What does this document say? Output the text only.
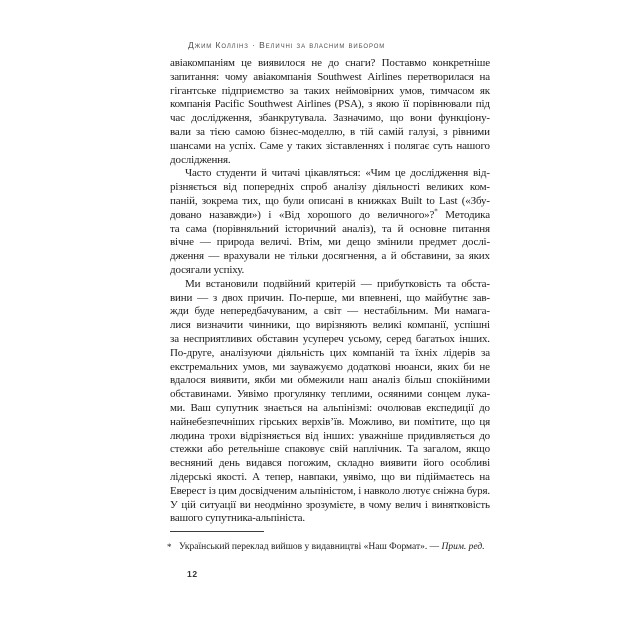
Джим Коллінз · Величні за власним вибором
авіакомпаніям це виявилося не до снаги? Поставмо конкретніше
запитання: чому авіакомпанія Southwest Airlines перетворилася на
гігантське підприємство за таких неймовірних умов, тимчасом як
компанія Pacific Southwest Airlines (PSA), з якою її порівнювали під
час дослідження, збанкрутувала. Зазначимо, що вони функціону-
вали за тією самою бізнес-моделлю, в тій самій галузі, з рівними
шансами на успіх. Саме у таких зіставленнях і полягає суть нашого
дослідження.
Часто студенти й читачі цікавляться: «Чим це дослідження від-
різняється від попередніх спроб аналізу діяльності великих ком-
паній, зокрема тих, що були описані в книжках Built to Last («Збу-
довано назавжди») і «Від хорошого до величного»?* Методика
та сама (порівняльний історичний аналіз), та й основне питання
вічне — природа величі. Втім, ми дещо змінили предмет дослі-
дження — врахували не тільки досягнення, а й обставини, за яких
досягали успіху.
Ми встановили подвійний критерій — прибутковість та обста-
вини — з двох причин. По-перше, ми впевнені, що майбутнє зав-
жди буде непередбачуваним, а світ — нестабільним. Ми намага-
лися визначити чинники, що вирізняють великі компанії, успішні
за несприятливих обставин усупереч усьому, серед багатьох інших.
По-друге, аналізуючи діяльність цих компаній та їхніх лідерів за
екстремальних умов, ми зауважуємо додаткові нюанси, яких би не
вдалося виявити, якби ми обмежили наш аналіз більш спокійними
обставинами. Уявімо прогулянку теплими, осяяними сонцем лука-
ми. Ваш супутник знається на альпінізмі: очолював експедиції до
найнебезпечніших гірських верхів’їв. Можливо, ви помітите, що ця
людина трохи відрізняється від інших: уважніше придивляється до
стежки або ретельніше спаковує свій наплічник. Та загалом, якщо
весняний день видався погожим, складно виявити його особливі
лідерські якості. А тепер, навпаки, уявімо, що ви підіймаєтесь на
Еверест із цим досвідченим альпіністом, і навколо лютує сніжна буря.
У цій ситуації ви неодмінно зрозумієте, в чому велич і винятковість
вашого супутника-альпініста.
* Український переклад вийшов у видавництві «Наш Формат». — Прим. ред.
12
